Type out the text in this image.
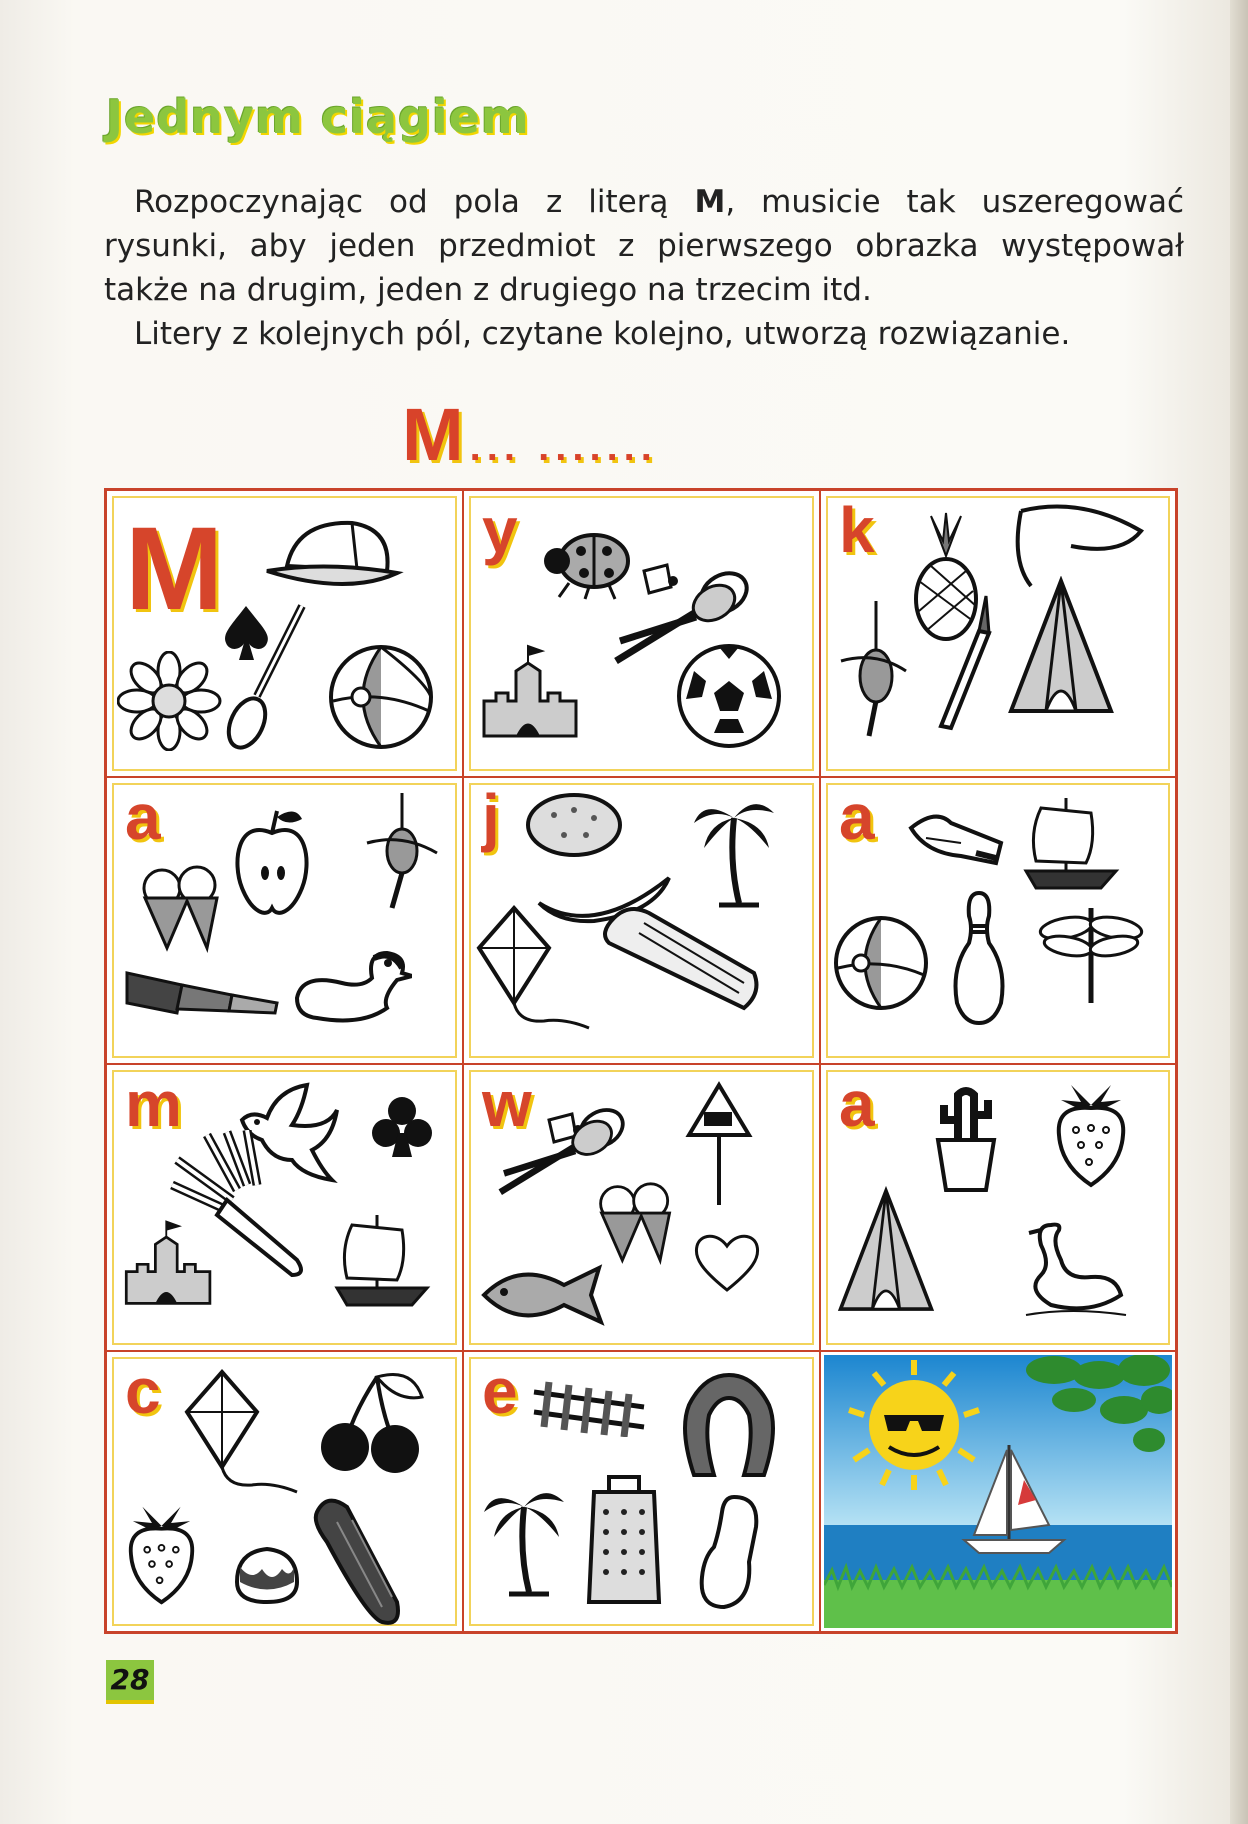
Jednym ciągiem

Rozpoczynając od pola z literą M, musicie tak uszeregować rysunki, aby jeden przedmiot z pierwszego obrazka występował także na drugim, jeden z drugiego na trzecim itd.

Litery z kolejnych pól, czytane kolejno, utworzą rozwiązanie.

M ... .......
M	y	k
a	j	a
m	w	a
c	e
28
